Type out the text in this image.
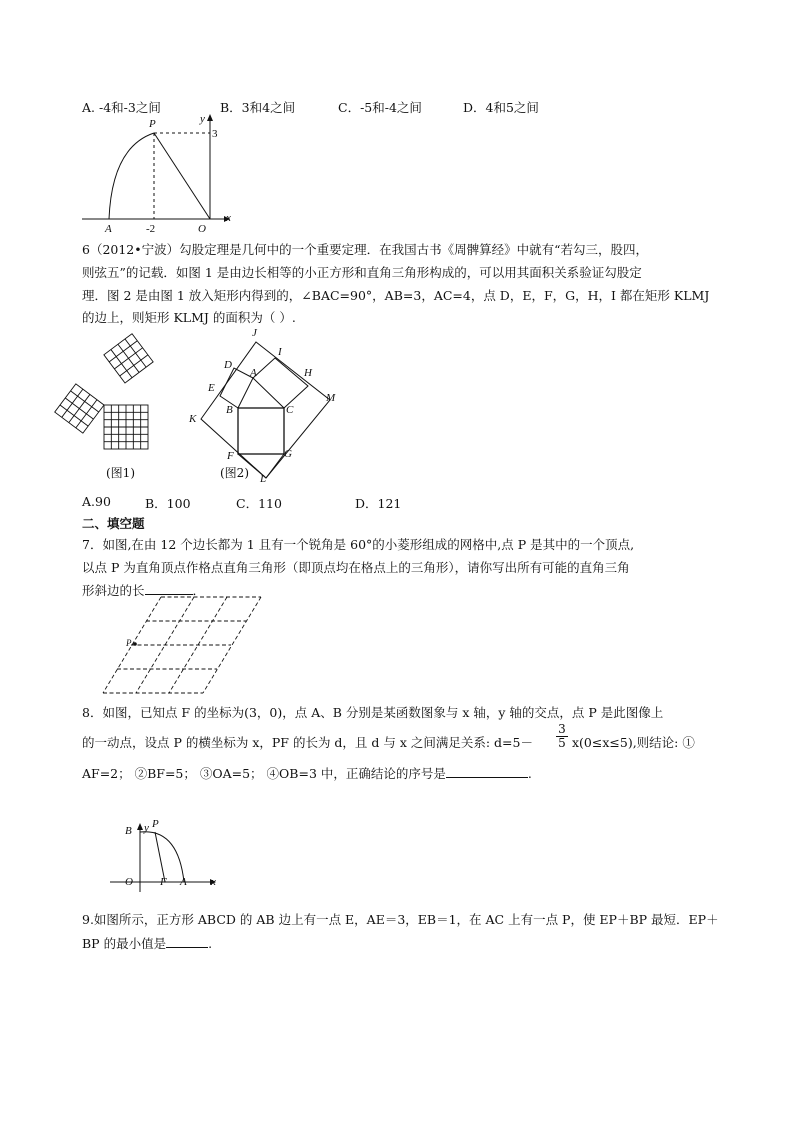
A. -4和-3之间	B．3和4之间	C．-5和-4之间	D．4和5之间
P	y
3
A	-2	O
x
6（2012•宁波）勾股定理是几何中的一个重要定理．在我国古书《周髀算经》中就有“若勾三，股四，
则弦五”的记载．如图 1 是由边长相等的小正方形和直角三角形构成的，可以用其面积关系验证勾股定
理．图 2 是由图 1 放入矩形内得到的，∠BAC=90°，AB=3，AC=4，点 D，E，F，G，H，I 都在矩形 KLMJ
的边上，则矩形 KLMJ 的面积为（ ）.
(图1)
J
I
D
A	H
E
M
B	C
K
F	G
L
(图2)
A.90	B．100	C．110	D．121
二、填空题
7．如图,在由 12 个边长都为 1 且有一个锐角是 60°的小菱形组成的网格中,点 P 是其中的一个顶点,
以点 P 为直角顶点作格点直角三角形（即顶点均在格点上的三角形），请你写出所有可能的直角三角
形斜边的长	．
P
8．如图，已知点 F 的坐标为(3，0)，点 A、B 分别是某函数图象与 x 轴，y 轴的交点，点 P 是此图像上
的一动点，设点 P 的横坐标为 x，PF 的长为 d，且 d 与 x 之间满足关系: $d=5- \frac{3}{5} x(0\le x\le 5)$,则结论: ①
AF=2； ②BF=5； ③OA=5； ④OB=3 中，正确结论的序号是	.
y
B
P
O F A x
9.如图所示，正方形 ABCD 的 AB 边上有一点 E，AE＝3，EB＝1，在 AC 上有一点 P，使 EP＋BP 最短．EP＋
BP 的最小值是	.
